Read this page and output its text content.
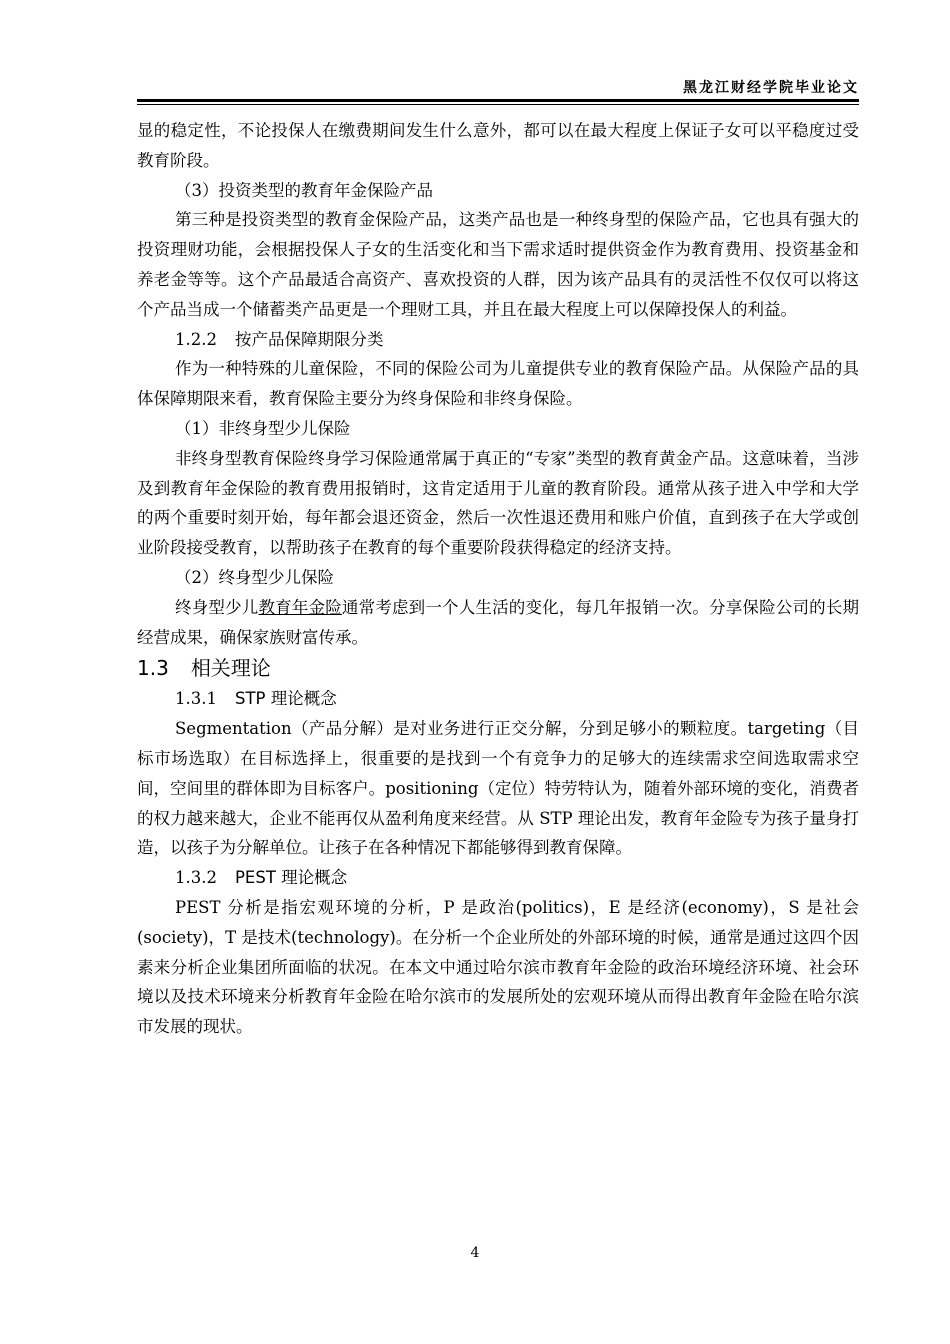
黑龙江财经学院毕业论文

显的稳定性，不论投保人在缴费期间发生什么意外，都可以在最大程度上保证子女可以平稳度过受教育阶段。

（3）投资类型的教育年金保险产品

第三种是投资类型的教育金保险产品，这类产品也是一种终身型的保险产品，它也具有强大的投资理财功能，会根据投保人子女的生活变化和当下需求适时提供资金作为教育费用、投资基金和养老金等等。这个产品最适合高资产、喜欢投资的人群，因为该产品具有的灵活性不仅仅可以将这个产品当成一个储蓄类产品更是一个理财工具，并且在最大程度上可以保障投保人的利益。

1.2.2 按产品保障期限分类

作为一种特殊的儿童保险，不同的保险公司为儿童提供专业的教育保险产品。从保险产品的具体保障期限来看，教育保险主要分为终身保险和非终身保险。

（1）非终身型少儿保险

非终身型教育保险终身学习保险通常属于真正的“专家”类型的教育黄金产品。这意味着，当涉及到教育年金保险的教育费用报销时，这肯定适用于儿童的教育阶段。通常从孩子进入中学和大学的两个重要时刻开始，每年都会退还资金，然后一次性退还费用和账户价值，直到孩子在大学或创业阶段接受教育，以帮助孩子在教育的每个重要阶段获得稳定的经济支持。

（2）终身型少儿保险

终身型少儿教育年金险通常考虑到一个人生活的变化，每几年报销一次。分享保险公司的长期经营成果，确保家族财富传承。

1.3 相关理论

1.3.1 STP 理论概念

Segmentation（产品分解）是对业务进行正交分解，分到足够小的颗粒度。targeting（目标市场选取）在目标选择上，很重要的是找到一个有竞争力的足够大的连续需求空间选取需求空间，空间里的群体即为目标客户。positioning（定位）特劳特认为，随着外部环境的变化，消费者的权力越来越大，企业不能再仅从盈利角度来经营。从 STP 理论出发，教育年金险专为孩子量身打造，以孩子为分解单位。让孩子在各种情况下都能够得到教育保障。

1.3.2 PEST 理论概念

PEST 分析是指宏观环境的分析，P 是政治(politics)，E 是经济(economy)，S 是社会(society)，T 是技术(technology)。在分析一个企业所处的外部环境的时候，通常是通过这四个因素来分析企业集团所面临的状况。在本文中通过哈尔滨市教育年金险的政治环境经济环境、社会环境以及技术环境来分析教育年金险在哈尔滨市的发展所处的宏观环境从而得出教育年金险在哈尔滨市发展的现状。

4
